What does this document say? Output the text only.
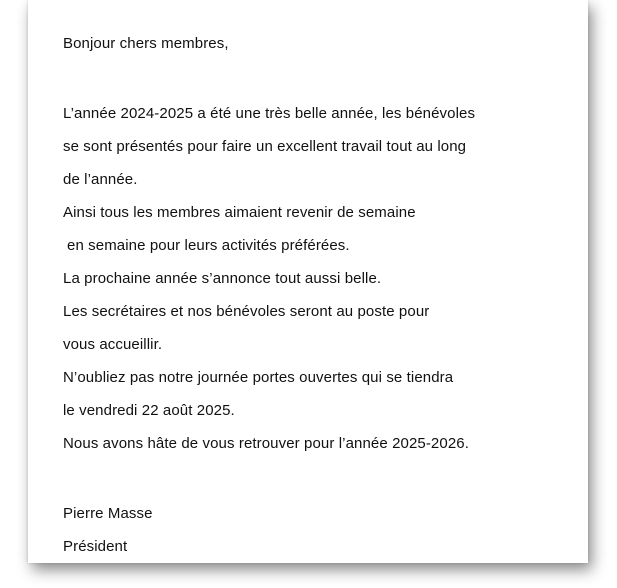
Bonjour chers membres,
L’année 2024-2025 a été une très belle année, les bénévoles
se sont présentés pour faire un excellent travail tout au long
de l’année.
Ainsi tous les membres aimaient revenir de semaine
en semaine pour leurs activités préférées.
La prochaine année s’annonce tout aussi belle.
Les secrétaires et nos bénévoles seront au poste pour
vous accueillir.
N’oubliez pas notre journée portes ouvertes qui se tiendra
le vendredi 22 août 2025.
Nous avons hâte de vous retrouver pour l’année 2025-2026.
Pierre Masse
Président
